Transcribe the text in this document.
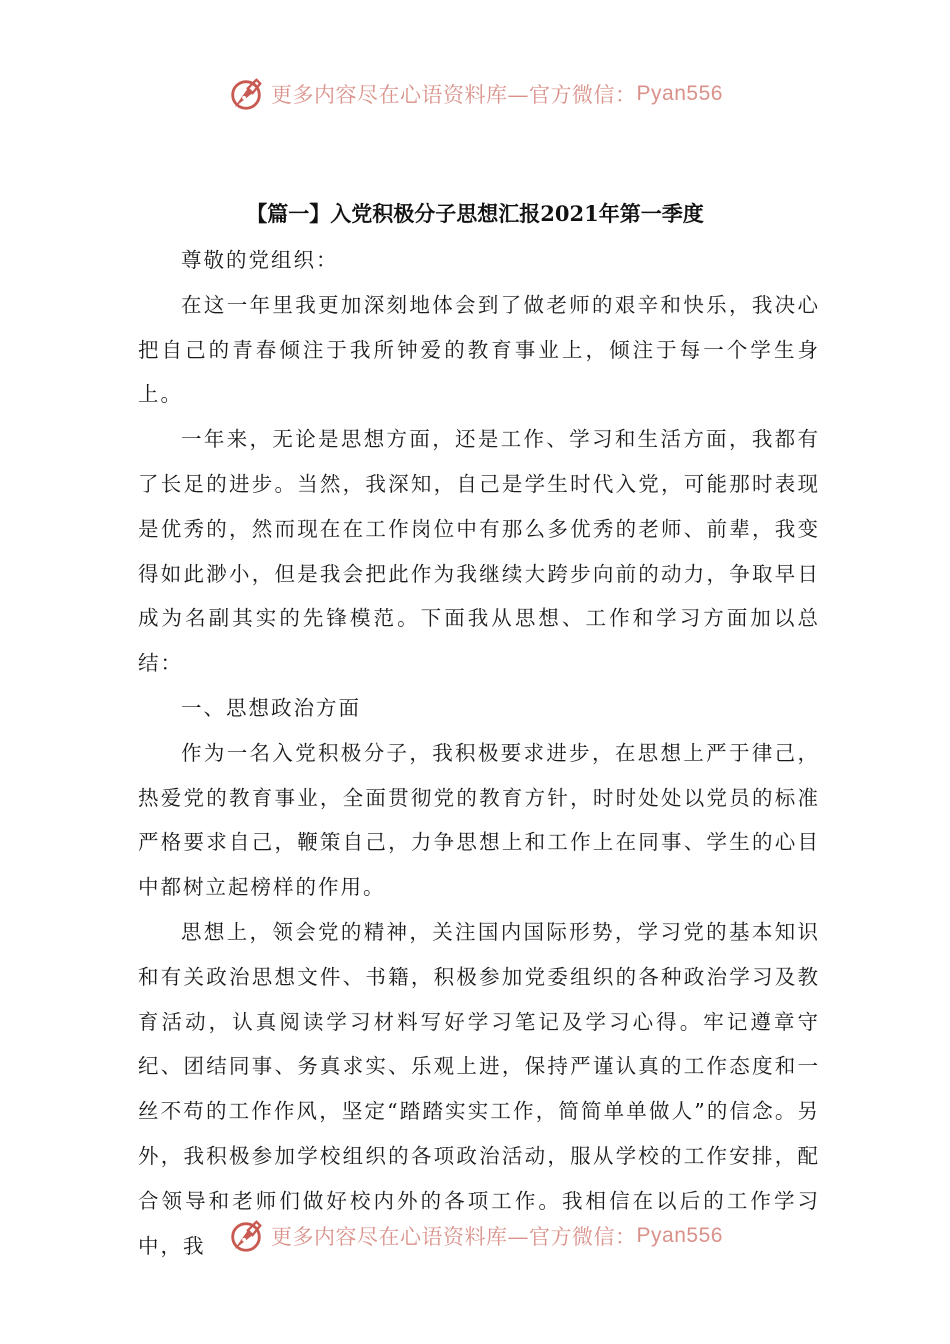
更多内容尽在心语资料库—官方微信： Pyan556
【篇一】入党积极分子思想汇报2021年第一季度

尊敬的党组织：

在这一年里我更加深刻地体会到了做老师的艰辛和快乐，我决心把自己的青春倾注于我所钟爱的教育事业上，倾注于每一个学生身上。

一年来，无论是思想方面，还是工作、学习和生活方面，我都有了长足的进步。当然，我深知，自己是学生时代入党，可能那时表现是优秀的，然而现在在工作岗位中有那么多优秀的老师、前辈，我变得如此渺小，但是我会把此作为我继续大跨步向前的动力，争取早日成为名副其实的先锋模范。下面我从思想、工作和学习方面加以总结：

一、思想政治方面

作为一名入党积极分子，我积极要求进步，在思想上严于律己，热爱党的教育事业，全面贯彻党的教育方针，时时处处以党员的标准严格要求自己，鞭策自己，力争思想上和工作上在同事、学生的心目中都树立起榜样的作用。

思想上，领会党的精神，关注国内国际形势，学习党的基本知识和有关政治思想文件、书籍，积极参加党委组织的各种政治学习及教育活动，认真阅读学习材料写好学习笔记及学习心得。牢记遵章守纪、团结同事、务真求实、乐观上进，保持严谨认真的工作态度和一丝不苟的工作作风，坚定“踏踏实实工作，简简单单做人”的信念。另外，我积极参加学校组织的各项政治活动，服从学校的工作安排，配合领导和老师们做好校内外的各项工作。我相信在以后的工作学习中，我	更多内容尽在心语资料库—官方微信： Pyan556
